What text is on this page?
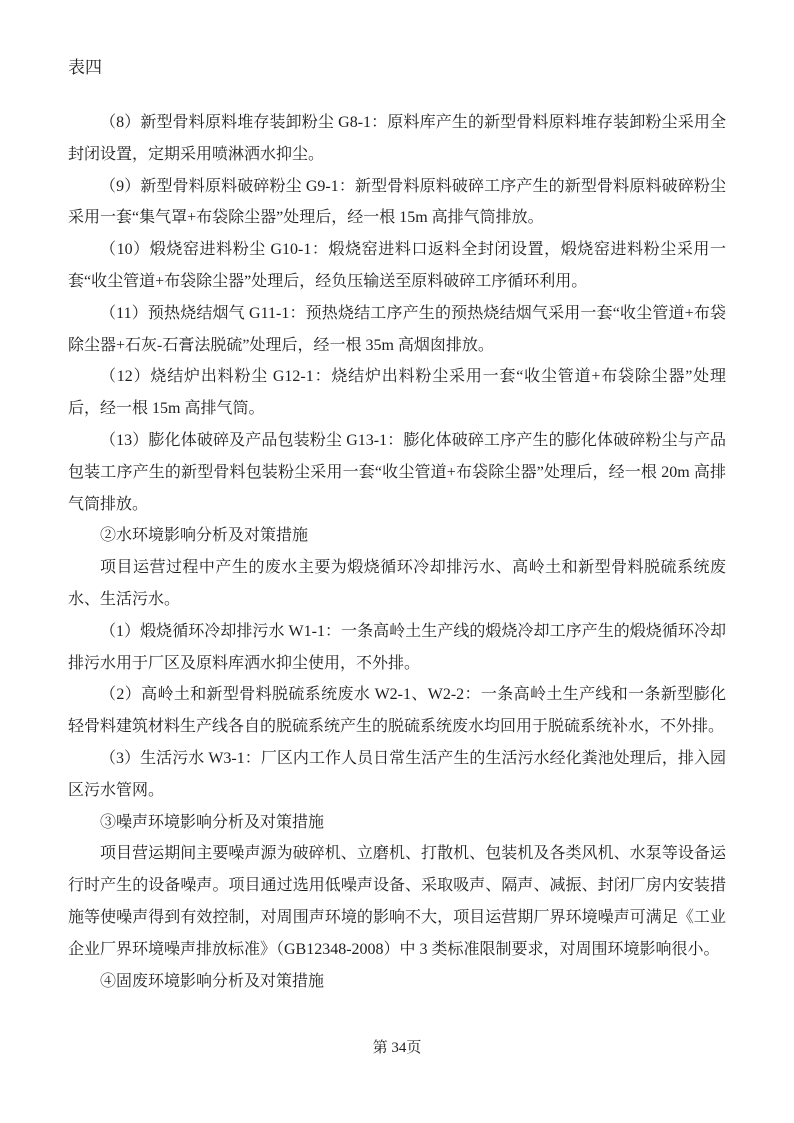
表四

（8）新型骨料原料堆存装卸粉尘 G8-1：原料库产生的新型骨料原料堆存装卸粉尘采用全封闭设置，定期采用喷淋洒水抑尘。

（9）新型骨料原料破碎粉尘 G9-1：新型骨料原料破碎工序产生的新型骨料原料破碎粉尘采用一套“集气罩+布袋除尘器”处理后，经一根 15m 高排气筒排放。

（10）煅烧窑进料粉尘 G10-1：煅烧窑进料口返料全封闭设置，煅烧窑进料粉尘采用一套“收尘管道+布袋除尘器”处理后，经负压输送至原料破碎工序循环利用。

（11）预热烧结烟气 G11-1：预热烧结工序产生的预热烧结烟气采用一套“收尘管道+布袋除尘器+石灰-石膏法脱硫”处理后，经一根 35m 高烟囱排放。

（12）烧结炉出料粉尘 G12-1：烧结炉出料粉尘采用一套“收尘管道+布袋除尘器”处理后，经一根 15m 高排气筒。

（13）膨化体破碎及产品包装粉尘 G13-1：膨化体破碎工序产生的膨化体破碎粉尘与产品包装工序产生的新型骨料包装粉尘采用一套“收尘管道+布袋除尘器”处理后，经一根 20m 高排气筒排放。

②水环境影响分析及对策措施

项目运营过程中产生的废水主要为煅烧循环冷却排污水、高岭土和新型骨料脱硫系统废水、生活污水。

（1）煅烧循环冷却排污水 W1-1：一条高岭土生产线的煅烧冷却工序产生的煅烧循环冷却排污水用于厂区及原料库洒水抑尘使用，不外排。

（2）高岭土和新型骨料脱硫系统废水 W2-1、W2-2：一条高岭土生产线和一条新型膨化轻骨料建筑材料生产线各自的脱硫系统产生的脱硫系统废水均回用于脱硫系统补水，不外排。

（3）生活污水 W3-1：厂区内工作人员日常生活产生的生活污水经化粪池处理后，排入园区污水管网。

③噪声环境影响分析及对策措施

项目营运期间主要噪声源为破碎机、立磨机、打散机、包装机及各类风机、水泵等设备运行时产生的设备噪声。项目通过选用低噪声设备、采取吸声、隔声、减振、封闭厂房内安装措施等使噪声得到有效控制，对周围声环境的影响不大，项目运营期厂界环境噪声可满足《工业企业厂界环境噪声排放标准》（GB12348-2008）中 3 类标准限制要求，对周围环境影响很小。

④固废环境影响分析及对策措施

第 34页
